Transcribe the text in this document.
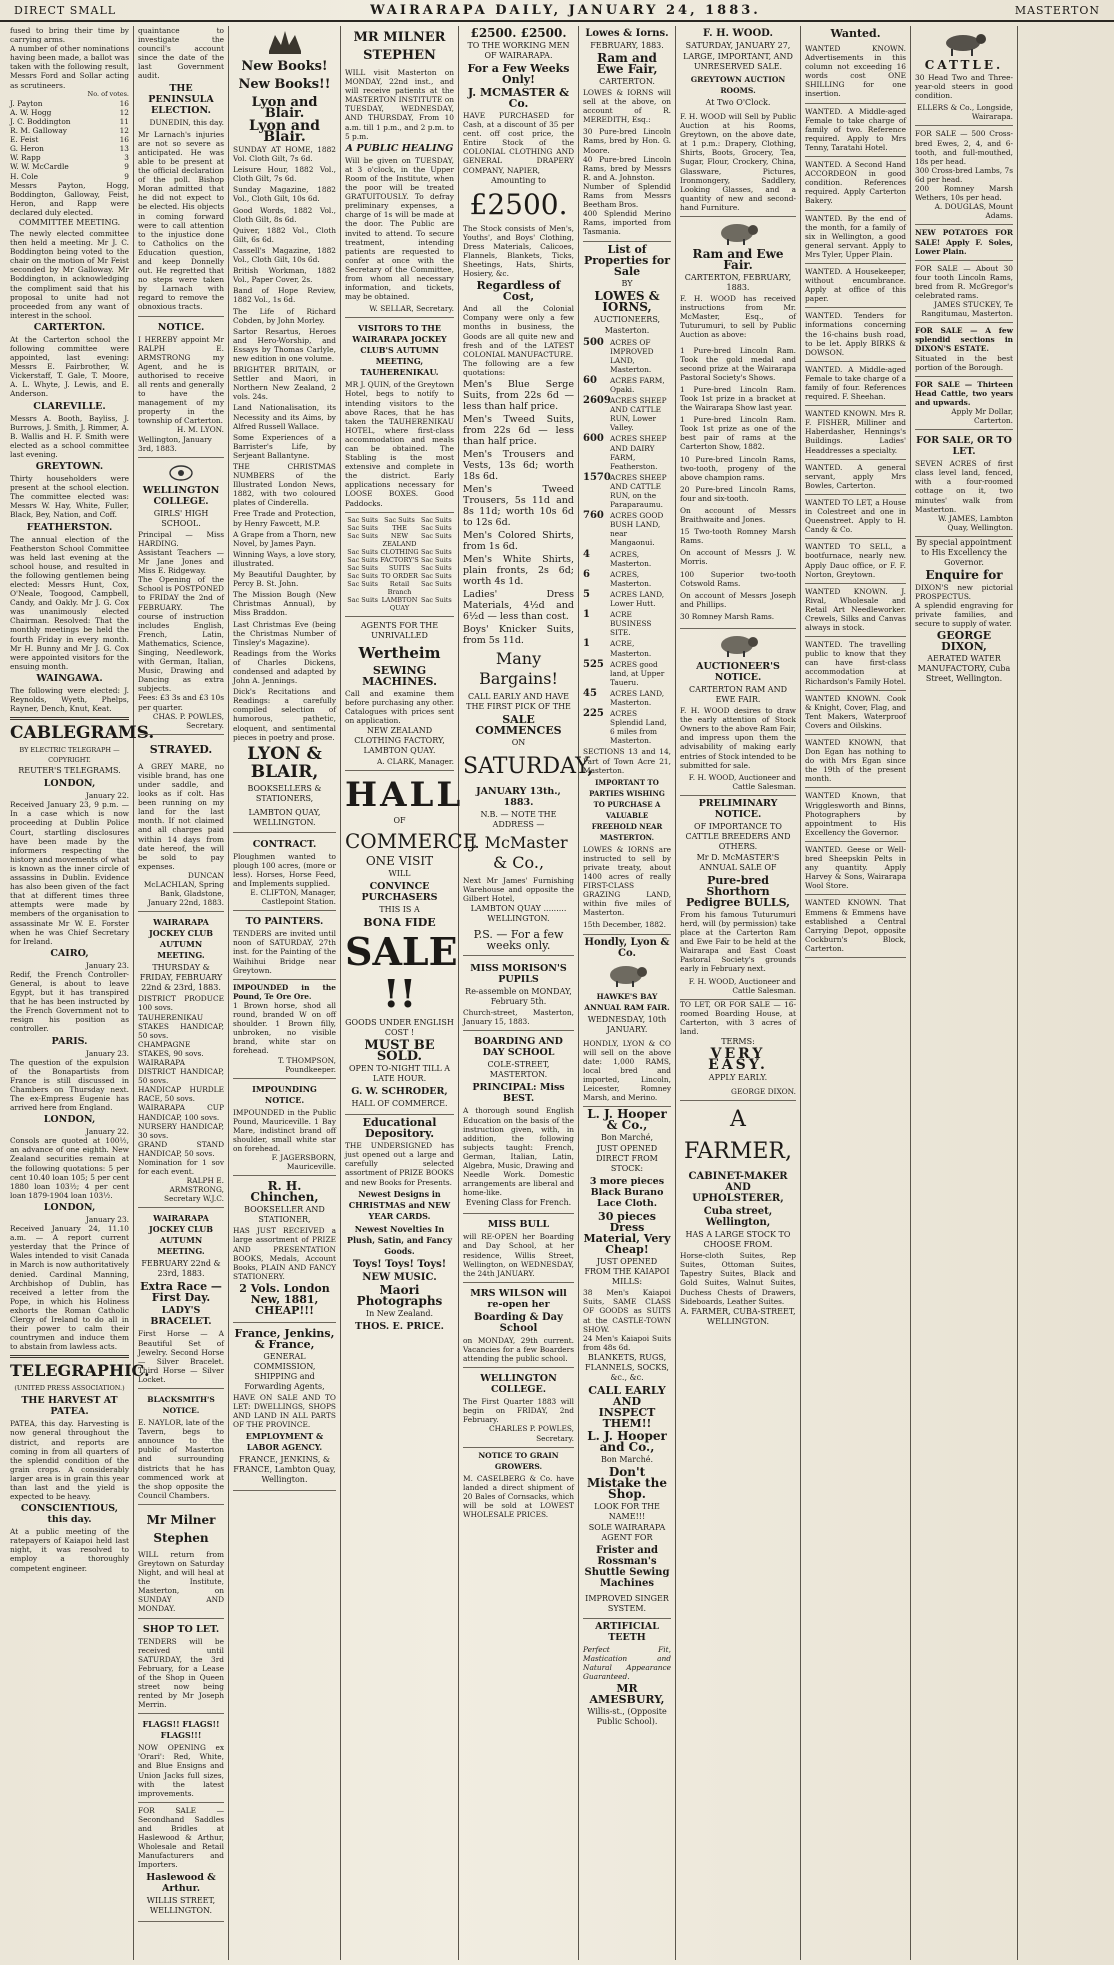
DIRECT SMALL	WAIRARAPA DAILY, JANUARY 24, 1883.	MASTERTON
fused to bring their time by carrying arms.
A number of other nominations having been made, a ballot was taken with the following result, Messrs Ford and Sollar acting as scrutineers.
No. of votes.
J. Payton	16
A. W. Hogg	12
J. C. Boddington	11
R. M. Galloway	12
E. Feist	16
G. Heron	13
W. Rapp	3
W. W. McCardle	9
H. Cole	9
Messrs Payton, Hogg, Boddington, Galloway, Feist, Heron, and Rapp were declared duly elected.
COMMITTEE MEETING.
The newly elected committee then held a meeting. Mr J. C. Boddington being voted to the chair on the motion of Mr Feist seconded by Mr Galloway. Mr Boddington, in acknowledging the compliment said that his proposal to unite had not proceeded from any want of interest in the school.
CARTERTON.
At the Carterton school the following committee were appointed, last evening: Messrs E. Fairbrother, W. Vickerstaff, T. Gale, T. Moore, A. L. Whyte, J. Lewis, and E. Anderson.
CLAREVILLE.
Messrs A. Booth, Bayliss, J. Burrows, J. Smith, J. Rimmer, A. B. Wallis and H. F. Smith were elected as a school committee last evening.
GREYTOWN.
Thirty householders were present at the school election. The committee elected was: Messrs W. Hay, White, Fuller, Black, Bey, Nation, and Coff.
FEATHERSTON.
The annual election of the Featherston School Committee was held last evening at the school house, and resulted in the following gentlemen being elected: Messrs Hunt, Cox, O'Neale, Toogood, Campbell, Candy, and Oakly. Mr J. G. Cox was unanimously elected Chairman. Resolved: That the monthly meetings be held the fourth Friday in every month. Mr H. Bunny and Mr J. G. Cox were appointed visitors for the ensuing month.
WAINGAWA.
The following were elected: J. Reynolds, Wyeth, Phelps, Rayner, Dench, Knut, Keat.
CABLEGRAMS.
BY ELECTRIC TELEGRAPH — COPYRIGHT.
REUTER'S TELEGRAMS.
LONDON,
January 22.
Received January 23, 9 p.m. — In a case which is now proceeding at Dublin Police Court, startling disclosures have been made by the informers respecting the history and movements of what is known as the inner circle of assassins in Dublin. Evidence has also been given of the fact that at different times three attempts were made by members of the organisation to assassinate Mr W. E. Forster when he was Chief Secretary for Ireland.
CAIRO,
January 23.
Redif, the French Controller-General, is about to leave Egypt, but it has transpired that he has been instructed by the French Government not to resign his position as controller.
PARIS.
January 23.
The question of the expulsion of the Bonapartists from France is still discussed in Chambers on Thursday next. The ex-Empress Eugenie has arrived here from England.
LONDON,
January 22.
Consols are quoted at 100½, an advance of one eighth. New Zealand securities remain at the following quotations: 5 per cent 10.40 loan 105; 5 per cent 1880 loan 103½; 4 per cent loan 1879-1904 loan 103½.
LONDON,
January 23.
Received January 24, 11.10 a.m. — A report current yesterday that the Prince of Wales intended to visit Canada in March is now authoritatively denied. Cardinal Manning, Archbishop of Dublin, has received a letter from the Pope, in which his Holiness exhorts the Roman Catholic Clergy of Ireland to do all in their power to calm their countrymen and induce them to abstain from lawless acts.
TELEGRAPHIC.
(UNITED PRESS ASSOCIATION.)
THE HARVEST AT PATEA.
PATEA, this day. Harvesting is now general throughout the district, and reports are coming in from all quarters of the splendid condition of the grain crops. A considerably larger area is in grain this year than last and the yield is expected to be heavy.
CONSCIENTIOUS, this day.
At a public meeting of the ratepayers of Kaiapoi held last night, it was resolved to employ a thoroughly competent engineer.
quaintance to investigate the council's account since the date of the last Government audit.
THE PENINSULA ELECTION.
DUNEDIN, this day.
Mr Larnach's injuries are not so severe as anticipated. He was able to be present at the official declaration of the poll. Bishop Moran admitted that he did not expect to be elected. His objects in coming forward were to call attention to the injustice done to Catholics on the Education question, and keep Donnelly out. He regretted that no steps were taken by Larnach with regard to remove the obnoxious tracts.
NOTICE.
I HEREBY appoint Mr RALPH E. ARMSTRONG my Agent, and he is authorised to receive all rents and generally to have the management of my property in the township of Carterton.
H. M. LYON.
Wellington, January 3rd, 1883.
WELLINGTON COLLEGE.
GIRLS' HIGH SCHOOL.
Principal — Miss HARDING.
Assistant Teachers — Mr Jane Jones and Miss E. Ridgeway.
The Opening of the School is POSTPONED to FRIDAY the 2nd of FEBRUARY. The course of instruction includes English, French, Latin, Mathematics, Science, Singing, Needlework, with German, Italian, Music, Drawing and Dancing as extra subjects.
Fees: £3 3s and £3 10s per quarter.
CHAS. P. POWLES, Secretary.
STRAYED.
A GREY MARE, no visible brand, has one under saddle, and looks as if colt. Has been running on my land for the last month. If not claimed and all charges paid within 14 days from date hereof, the will be sold to pay expenses.
DUNCAN McLACHLAN, Spring Bank, Gladstone, January 22nd, 1883.
WAIRARAPA JOCKEY CLUB AUTUMN MEETING.
THURSDAY & FRIDAY, FEBRUARY 22nd & 23rd, 1883.
DISTRICT PRODUCE 100 sovs.
TAUHERENIKAU STAKES HANDICAP, 50 sovs.
CHAMPAGNE STAKES, 90 sovs.
WAIRARAPA DISTRICT HANDICAP, 50 sovs.
HANDICAP HURDLE RACE, 50 sovs.
WAIRARAPA CUP HANDICAP, 100 sovs.
NURSERY HANDICAP, 30 sovs.
GRAND STAND HANDICAP, 50 sovs.
Nomination for 1 sov for each event.
RALPH E. ARMSTRONG, Secretary W.J.C.
WAIRARAPA JOCKEY CLUB AUTUMN MEETING.
FEBRUARY 22nd & 23rd, 1883.
Extra Race — First Day.
LADY'S BRACELET.
First Horse — A Beautiful Set of Jewelry. Second Horse — Silver Bracelet. Third Horse — Silver Locket.
BLACKSMITH'S NOTICE.
E. NAYLOR, late of the Tavern, begs to announce to the public of Masterton and surrounding districts that he has commenced work at the shop opposite the Council Chambers.
Mr Milner Stephen
WILL return from Greytown on Saturday Night, and will heal at the Institute, Masterton, on SUNDAY AND MONDAY.
SHOP TO LET.
TENDERS will be received until SATURDAY, the 3rd February, for a Lease of the Shop in Queen street now being rented by Mr Joseph Merrin.
FLAGS!! FLAGS!! FLAGS!!!
NOW OPENING ex 'Orari': Red, White, and Blue Ensigns and Union Jacks full sizes, with the latest improvements.
FOR SALE — Secondhand Saddles and Bridles at Haslewood & Arthur, Wholesale and Retail Manufacturers and Importers.
Haslewood & Arthur.
WILLIS STREET, WELLINGTON.
New Books! New Books!!
Lyon and Blair.
Lyon and Blair.
SUNDAY AT HOME, 1882 Vol. Cloth Gilt, 7s 6d.
Leisure Hour, 1882 Vol., Cloth Gilt, 7s 6d.
Sunday Magazine, 1882 Vol., Cloth Gilt, 10s 6d.
Good Words, 1882 Vol., Cloth Gilt, 8s 6d.
Quiver, 1882 Vol., Cloth Gilt, 6s 6d.
Cassell's Magazine, 1882 Vol., Cloth Gilt, 10s 6d.
British Workman, 1882 Vol., Paper Cover, 2s.
Band of Hope Review, 1882 Vol., 1s 6d.
The Life of Richard Cobden, by John Morley.
Sartor Resartus, Heroes and Hero-Worship, and Essays by Thomas Carlyle, new edition in one volume.
BRIGHTER BRITAIN, or Settler and Maori, in Northern New Zealand, 2 vols. 24s.
Land Nationalisation, its Necessity and its Aims, by Alfred Russell Wallace.
Some Experiences of a Barrister's Life, by Serjeant Ballantyne.
THE CHRISTMAS NUMBERS of the Illustrated London News, 1882, with two coloured plates of Cinderella.
Free Trade and Protection, by Henry Fawcett, M.P.
A Grape from a Thorn, new Novel, by James Payn.
Winning Ways, a love story, illustrated.
My Beautiful Daughter, by Percy B. St. John.
The Mission Bough (New Christmas Annual), by Miss Braddon.
Last Christmas Eve (being the Christmas Number of Tinsley's Magazine).
Readings from the Works of Charles Dickens, condensed and adapted by John A. Jennings.
Dick's Recitations and Readings: a carefully compiled selection of humorous, pathetic, eloquent, and sentimental pieces in poetry and prose.
LYON & BLAIR,
BOOKSELLERS & STATIONERS,
LAMBTON QUAY, WELLINGTON.
CONTRACT.
Ploughmen wanted to plough 100 acres, (more or less). Horses, Horse Feed, and Implements supplied.
E. CLIFTON, Manager, Castlepoint Station.
TO PAINTERS.
TENDERS are invited until noon of SATURDAY, 27th inst. for the Painting of the Waihihui Bridge near Greytown.
IMPOUNDED in the Pound, Te Ore Ore.
1 Brown horse, shod all round, branded W on off shoulder. 1 Brown filly, unbroken, no visible brand, white star on forehead.
T. THOMPSON, Poundkeeper.
IMPOUNDING NOTICE.
IMPOUNDED in the Public Pound, Mauriceville. 1 Bay Mare, indistinct brand off shoulder, small white star on forehead.
F. JAGERSBORN, Mauriceville.
R. H. Chinchen,
BOOKSELLER AND STATIONER,
HAS JUST RECEIVED a large assortment of PRIZE AND PRESENTATION BOOKS, Medals, Account Books, PLAIN AND FANCY STATIONERY.
2 Vols. London New, 1881, CHEAP!!!
France, Jenkins, & France,
GENERAL COMMISSION, SHIPPING and Forwarding Agents,
HAVE ON SALE AND TO LET: DWELLINGS, SHOPS AND LAND IN ALL PARTS OF THE PROVINCE.
EMPLOYMENT & LABOR AGENCY.
FRANCE, JENKINS, & FRANCE, Lambton Quay, Wellington.
MR MILNER STEPHEN
WILL visit Masterton on MONDAY, 22nd inst., and will receive patients at the MASTERTON INSTITUTE on TUESDAY, WEDNESDAY, AND THURSDAY, From 10 a.m. till 1 p.m., and 2 p.m. to 5 p.m.
A PUBLIC HEALING
Will be given on TUESDAY, at 3 o'clock, in the Upper Room of the Institute, when the poor will be treated GRATUITOUSLY. To defray preliminary expenses, a charge of 1s will be made at the door. The Public are invited to attend. To secure treatment, intending patients are requested to confer at once with the Secretary of the Committee, from whom all necessary information, and tickets, may be obtained.
W. SELLAR, Secretary.
VISITORS TO THE WAIRARAPA JOCKEY CLUB'S AUTUMN MEETING, TAUHERENIKAU.
MR J. QUIN, of the Greytown Hotel, begs to notify to intending visitors to the above Races, that he has taken the TAUHERENIKAU HOTEL, where first-class accommodation and meals can be obtained. The Stabling is the most extensive and complete in the district. Early applications necessary for LOOSE BOXES. Good Paddocks.
Sac Suits Sac Suits Sac Suits
Sac Suits	THE	Sac Suits
Sac Suits	NEW ZEALAND
Sac Suits
Sac Suits CLOTHING Sac Suits
Sac Suits FACTORY'S Sac Suits
Sac Suits	SUITS	Sac Suits
Sac Suits TO ORDER Sac Suits
Sac Suits	Retail Branch
Sac Suits
Sac Suits LAMBTON QUAY
Sac Suits
AGENTS FOR THE UNRIVALLED
Wertheim
SEWING MACHINES.
Call and examine them before purchasing any other. Catalogues with prices sent on application.
NEW ZEALAND CLOTHING FACTORY, LAMBTON QUAY.
A. CLARK, Manager.
HALL
OF
COMMERCE
ONE VISIT
WILL
CONVINCE PURCHASERS
THIS IS A
BONA FIDE
SALE !!
GOODS UNDER ENGLISH COST !
MUST BE SOLD.
OPEN TO-NIGHT TILL A LATE HOUR.
G. W. SCHRODER,
HALL OF COMMERCE.
Educational Depository.
THE UNDERSIGNED has just opened out a large and carefully selected assortment of PRIZE BOOKS and new Books for Presents.
Newest Designs in CHRISTMAS and NEW YEAR CARDS.
Newest Novelties In Plush, Satin, and Fancy Goods.
Toys! Toys! Toys!
NEW MUSIC.
Maori Photographs
In New Zealand.
THOS. E. PRICE.
£2500. £2500.
TO THE WORKING MEN OF WAIRARAPA.
For a Few Weeks Only!
J. MCMASTER & Co.
HAVE PURCHASED for Cash, at a discount of 35 per cent. off cost price, the Entire Stock of the COLONIAL CLOTHING AND GENERAL DRAPERY COMPANY, NAPIER,
Amounting to
£2500.
The Stock consists of Men's, Youths', and Boys' Clothing, Dress Materials, Calicoes, Flannels, Blankets, Ticks, Sheetings, Hats, Shirts, Hosiery, &c.
Regardless of Cost,
And all the Colonial Company were only a few months in business, the Goods are all quite new and fresh and of the LATEST COLONIAL MANUFACTURE.
The following are a few quotations:
Men's Blue Serge Suits, from 22s 6d — less than half price.
Men's Tweed Suits, from 22s 6d — less than half price.
Men's Trousers and Vests, 13s 6d; worth 18s 6d.
Men's Tweed Trousers, 5s 11d and 8s 11d; worth 10s 6d to 12s 6d.
Men's Colored Shirts, from 1s 6d.
Men's White Shirts, plain fronts, 2s 6d; worth 4s 1d.
Ladies' Dress Materials, 4½d and 6½d — less than cost.
Boys' Knicker Suits, from 5s 11d.
Many Bargains!
CALL EARLY AND HAVE THE FIRST PICK OF THE
SALE COMMENCES
ON
SATURDAY,
JANUARY 13th., 1883.
N.B. — NOTE THE ADDRESS —
J. McMaster & Co.,
Next Mr James' Furnishing Warehouse and opposite the Gilbert Hotel,
LAMBTON QUAY ......... WELLINGTON.
P.S. — For a few weeks only.
MISS MORISON'S PUPILS
Re-assemble on MONDAY, February 5th.
Church-street, Masterton, January 15, 1883.
BOARDING AND DAY SCHOOL
COLE-STREET, MASTERTON.
PRINCIPAL: Miss BEST.
A thorough sound English Education on the basis of the instruction given, with, in addition, the following subjects taught: French, German, Italian, Latin, Algebra, Music, Drawing and Needle Work. Domestic arrangements are liberal and home-like.
Evening Class for French.
MISS BULL
will RE-OPEN her Boarding and Day School, at her residence, Willis Street, Wellington, on WEDNESDAY, the 24th JANUARY.
MRS WILSON will re-open her
Boarding & Day School
on MONDAY, 29th current. Vacancies for a few Boarders attending the public school.
WELLINGTON COLLEGE.
The First Quarter 1883 will begin on FRIDAY, 2nd February.
CHARLES P. POWLES, Secretary.
NOTICE TO GRAIN GROWERS.
M. CASELBERG & Co. have landed a direct shipment of 20 Bales of Cornsacks, which will be sold at LOWEST WHOLESALE PRICES.
Lowes & Iorns.
FEBRUARY, 1883.
Ram and Ewe Fair,
CARTERTON.
LOWES & IORNS will sell at the above, on account of R. MEREDITH, Esq.:
30 Pure-bred Lincoln Rams, bred by Hon. G. Moore.
40 Pure-bred Lincoln Rams, bred by Messrs R. and A. Johnston.
Number of Splendid Rams from Messrs Beetham Bros.
400 Splendid Merino Rams, imported from Tasmania.
List of Properties for Sale
BY
LOWES & IORNS,
AUCTIONEERS,
Masterton.
500 ACRES OF IMPROVED LAND, Masterton.
60	ACRES FARM, Opaki.
2609 ACRES SHEEP AND CATTLE RUN, Lower Valley.
600 ACRES SHEEP AND DAIRY FARM, Featherston.
1570 ACRES SHEEP AND CATTLE RUN, on the Paraparaumu.
760 ACRES GOOD BUSH LAND, near Mangaonui.
4	ACRES, Masterton.
6	ACRES, Masterton.
5	ACRES LAND, Lower Hutt.
1	ACRE BUSINESS SITE.
1	ACRE, Masterton.
525 ACRES good land, at Upper Taueru.
45	ACRES LAND, Masterton.
225 ACRES Splendid Land, 6 miles from Masterton.
SECTIONS 13 and 14, Part of Town Acre 21, Masterton.
IMPORTANT TO PARTIES WISHING TO PURCHASE A VALUABLE FREEHOLD NEAR MASTERTON.
LOWES & IORNS are instructed to sell by private treaty, about 1400 acres of really FIRST-CLASS GRAZING LAND, within five miles of Masterton.
15th December, 1882.
Hondly, Lyon & Co.
HAWKE'S BAY ANNUAL RAM FAIR.
WEDNESDAY, 10th JANUARY.
HONDLY, LYON & CO will sell on the above date: 1,000 RAMS, local bred and imported, Lincoln, Leicester, Romney Marsh, and Merino.
L. J. Hooper & Co.,
Bon Marché,
JUST OPENED DIRECT FROM STOCK:
3 more pieces Black Burano Lace Cloth.
30 pieces Dress Material, Very Cheap!
JUST OPENED FROM THE KAIAPOI MILLS:
38 Men's Kaiapoi Suits, SAME CLASS OF GOODS as SUITS at the CASTLE-TOWN SHOW.
24 Men's Kaiapoi Suits from 48s 6d.
BLANKETS, RUGS, FLANNELS, SOCKS, &c., &c.
CALL EARLY AND INSPECT THEM!!
L. J. Hooper and Co.,
Bon Marché.
Don't Mistake the Shop.
LOOK FOR THE NAME!!!
SOLE WAIRARAPA AGENT FOR
Frister and Rossman's Shuttle Sewing Machines
IMPROVED SINGER SYSTEM.
ARTIFICIAL TEETH
Perfect Fit, Mastication and Natural Appearance Guaranteed.
MR AMESBURY,
Willis-st., (Opposite Public School).
F. H. WOOD.
SATURDAY, JANUARY 27,
LARGE, IMPORTANT, AND UNRESERVED SALE.
GREYTOWN AUCTION ROOMS.
At Two O'Clock.
F. H. WOOD will Sell by Public Auction at his Rooms, Greytown, on the above date, at 1 p.m.: Drapery, Clothing, Shirts, Boots, Grocery, Tea, Sugar, Flour, Crockery, China, Glassware, Pictures, Ironmongery, Saddlery, Looking Glasses, and a quantity of new and second-hand Furniture.
Ram and Ewe Fair.
CARTERTON, FEBRUARY, 1883.
F. H. WOOD has received instructions from Mr. McMaster, Esq., of Tuturumuri, to sell by Public Auction as above:
1 Pure-bred Lincoln Ram. Took the gold medal and second prize at the Wairarapa Pastoral Society's Shows.
1 Pure-bred Lincoln Ram. Took 1st prize in a bracket at the Wairarapa Show last year.
1 Pure-bred Lincoln Ram. Took 1st prize as one of the best pair of rams at the Carterton Show, 1882.
10 Pure-bred Lincoln Rams, two-tooth, progeny of the above champion rams.
20 Pure-bred Lincoln Rams, four and six-tooth.
On account of Messrs Braithwaite and Jones.
15 Two-tooth Romney Marsh Rams.
On account of Messrs J. W. Morris.
100 Superior two-tooth Cotswold Rams.
On account of Messrs Joseph and Phillips.
30 Romney Marsh Rams.
AUCTIONEER'S NOTICE.
CARTERTON RAM AND EWE FAIR.
F. H. WOOD desires to draw the early attention of Stock Owners to the above Ram Fair, and impress upon them the advisability of making early entries of Stock intended to be submitted for sale.
F. H. WOOD, Auctioneer and Cattle Salesman.
PRELIMINARY NOTICE.
OF IMPORTANCE TO CATTLE BREEDERS AND OTHERS.
Mr D. McMASTER'S ANNUAL SALE OF
Pure-bred Shorthorn Pedigree BULLS,
From his famous Tuturumuri herd, will (by permission) take place at the Carterton Ram and Ewe Fair to be held at the Wairarapa and East Coast Pastoral Society's grounds early in February next.
F. H. WOOD, Auctioneer and Cattle Salesman.
TO LET, OR FOR SALE — 16-roomed Boarding House, at Carterton, with 3 acres of land.
TERMS:
VERY EASY.
APPLY EARLY.
GEORGE DIXON.
A FARMER,
CABINET-MAKER AND UPHOLSTERER,
Cuba street, Wellington,
HAS A LARGE STOCK TO CHOOSE FROM.
Horse-cloth Suites, Rep Suites, Ottoman Suites, Tapestry Suites, Black and Gold Suites, Walnut Suites, Duchess Chests of Drawers, Sideboards, Leather Suites.
A. FARMER, CUBA-STREET, WELLINGTON.
Wanted.
WANTED KNOWN. Advertisements in this column not exceeding 16 words cost ONE SHILLING for one insertion.
WANTED. A Middle-aged Female to take charge of family of two. Reference required. Apply to Mrs Tenny, Taratahi Hotel.
WANTED. A Second Hand ACCORDEON in good condition. References required. Apply Carterton Bakery.
WANTED. By the end of the month, for a family of six in Wellington, a good general servant. Apply to Mrs Tyler, Upper Plain.
WANTED. A Housekeeper, without encumbrance. Apply at office of this paper.
WANTED. Tenders for informations concerning the 16-chains bush road, to be let. Apply BIRKS & DOWSON.
WANTED. A Middle-aged Female to take charge of a family of four. References required. F. Sheehan.
WANTED KNOWN. Mrs R. F. FISHER, Milliner and Haberdasher, Hennings's Buildings. Ladies' Headdresses a specialty.
WANTED. A general servant, apply Mrs Bowles, Carterton.
WANTED TO LET, a House in Colestreet and one in Queenstreet. Apply to H. Candy & Co.
WANTED TO SELL, a bootfurnace, nearly new. Apply Dauc office, or F. F. Norton, Greytown.
WANTED KNOWN. J. Rival, Wholesale and Retail Art Needleworker. Crewels, Silks and Canvas always in stock.
WANTED. The travelling public to know that they can have first-class accommodation at Richardson's Family Hotel.
WANTED KNOWN. Cook & Knight, Cover, Flag, and Tent Makers, Waterproof Covers and Oilskins.
WANTED KNOWN, that Don Egan has nothing to do with Mrs Egan since the 19th of the present month.
WANTED Known, that Wrigglesworth and Binns, Photographers by appointment to His Excellency the Governor.
WANTED. Geese or Well-bred Sheepskin Pelts in any quantity. Apply Harvey & Sons, Wairarapa Wool Store.
WANTED KNOWN. That Emmens & Emmens have established a Central Carrying Depot, opposite Cockburn's Block, Carterton.
CATTLE.
30 Head Two and Three-year-old steers in good condition.
ELLERS & Co., Longside, Wairarapa.
FOR SALE — 500 Cross-bred Ewes, 2, 4, and 6-tooth, and full-mouthed, 18s per head.
300 Cross-bred Lambs, 7s 6d per head.
200 Romney Marsh Wethers, 10s per head.
A. DOUGLAS, Mount Adams.
NEW POTATOES FOR SALE! Apply F. Soles, Lower Plain.
FOR SALE — About 30 four tooth Lincoln Rams, bred from R. McGregor's celebrated rams.
JAMES STUCKEY, Te Rangitumau, Masterton.
FOR SALE — A few splendid sections in DIXON'S ESTATE.
Situated in the best portion of the Borough.
FOR SALE — Thirteen Head Cattle, two years and upwards.
Apply Mr Dollar, Carterton.
FOR SALE, OR TO LET.
SEVEN ACRES of first class level land, fenced, with a four-roomed cottage on it, two minutes' walk from Masterton.
W. JAMES, Lambton Quay, Wellington.
By special appointment to His Excellency the Governor.
Enquire for
DIXON'S new pictorial PROSPECTUS.
A splendid engraving for private families, and secure to supply of water.
GEORGE DIXON,
AERATED WATER MANUFACTORY, Cuba Street, Wellington.
